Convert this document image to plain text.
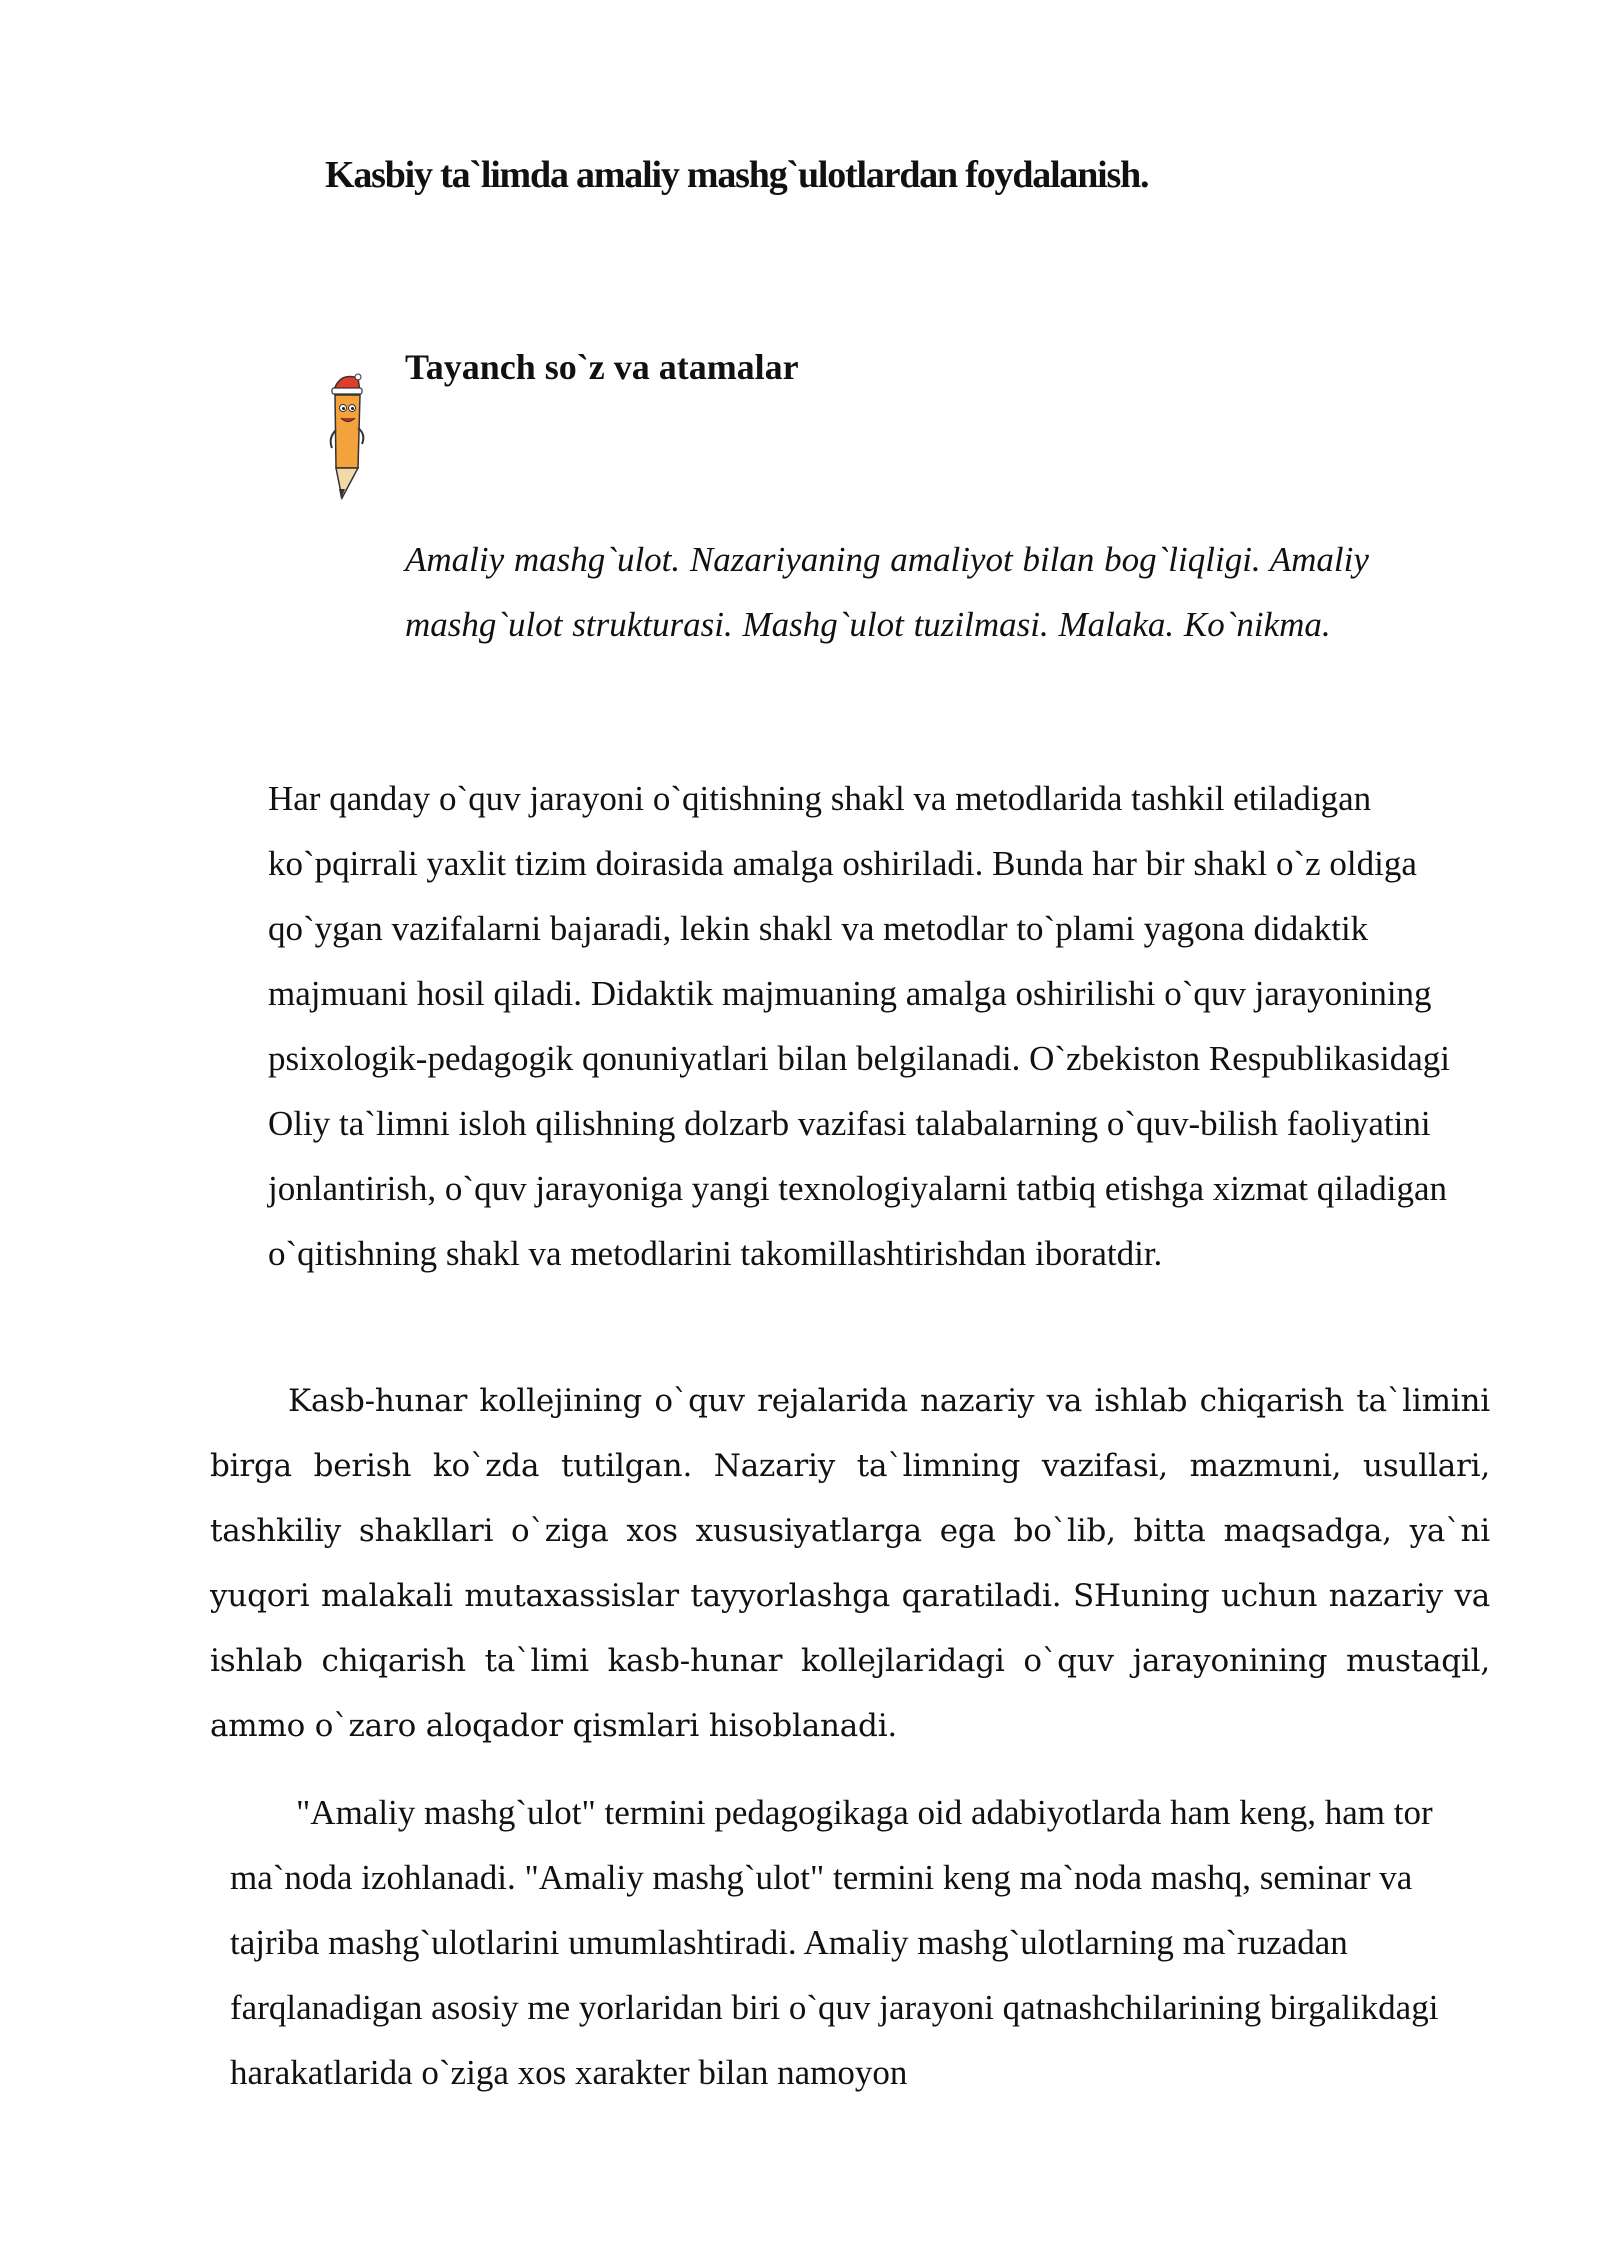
Kasbiy ta`limda amaliy mashg`ulotlardan foydalanish.
Tayanch so`z va atamalar

Amaliy mashg`ulot. Nazariyaning amaliyot bilan bog`liqligi. Amaliy mashg`ulot strukturasi. Mashg`ulot tuzilmasi. Malaka. Ko`nikma.

Har qanday o`quv jarayoni o`qitishning shakl va metodlarida tashkil etiladigan ko`pqirrali yaxlit tizim doirasida amalga oshiriladi. Bunda har bir shakl o`z oldiga qo`ygan vazifalarni bajaradi, lekin shakl va metodlar to`plami yagona didaktik majmuani hosil qiladi. Didaktik majmuaning amalga oshirilishi o`quv jarayonining psixologik-pedagogik qonuniyatlari bilan belgilanadi. O`zbekiston Respublikasidagi Oliy ta`limni isloh qilishning dolzarb vazifasi talabalarning o`quv-bilish faoliyatini jonlantirish, o`quv jarayoniga yangi texnologiyalarni tatbiq etishga xizmat qiladigan o`qitishning shakl va metodlarini takomillashtirishdan iboratdir.

Kasb-hunar kollejining o`quv rejalarida nazariy va ishlab chiqarish ta`limini birga berish ko`zda tutilgan. Nazariy ta`limning vazifasi, mazmuni, usullari, tashkiliy shakllari o`ziga xos xususiyatlarga ega bo`lib, bitta maqsadga, ya`ni yuqori malakali mutaxassislar tayyorlashga qaratiladi. SHuning uchun nazariy va ishlab chiqarish ta`limi kasb-hunar kollejlaridagi o`quv jarayonining mustaqil, ammo o`zaro aloqador qismlari hisoblanadi.

"Amaliy mashg`ulot" termini pedagogikaga oid adabiyotlarda ham keng, ham tor ma`noda izohlanadi. "Amaliy mashg`ulot" termini keng ma`noda mashq, seminar va tajriba mashg`ulotlarini umumlashtiradi. Amaliy mashg`ulotlarning ma`ruzadan farqlanadigan asosiy me yorlaridan biri o`quv jarayoni qatnashchilarining birgalikdagi harakatlarida o`ziga xos xarakter bilan namoyon
